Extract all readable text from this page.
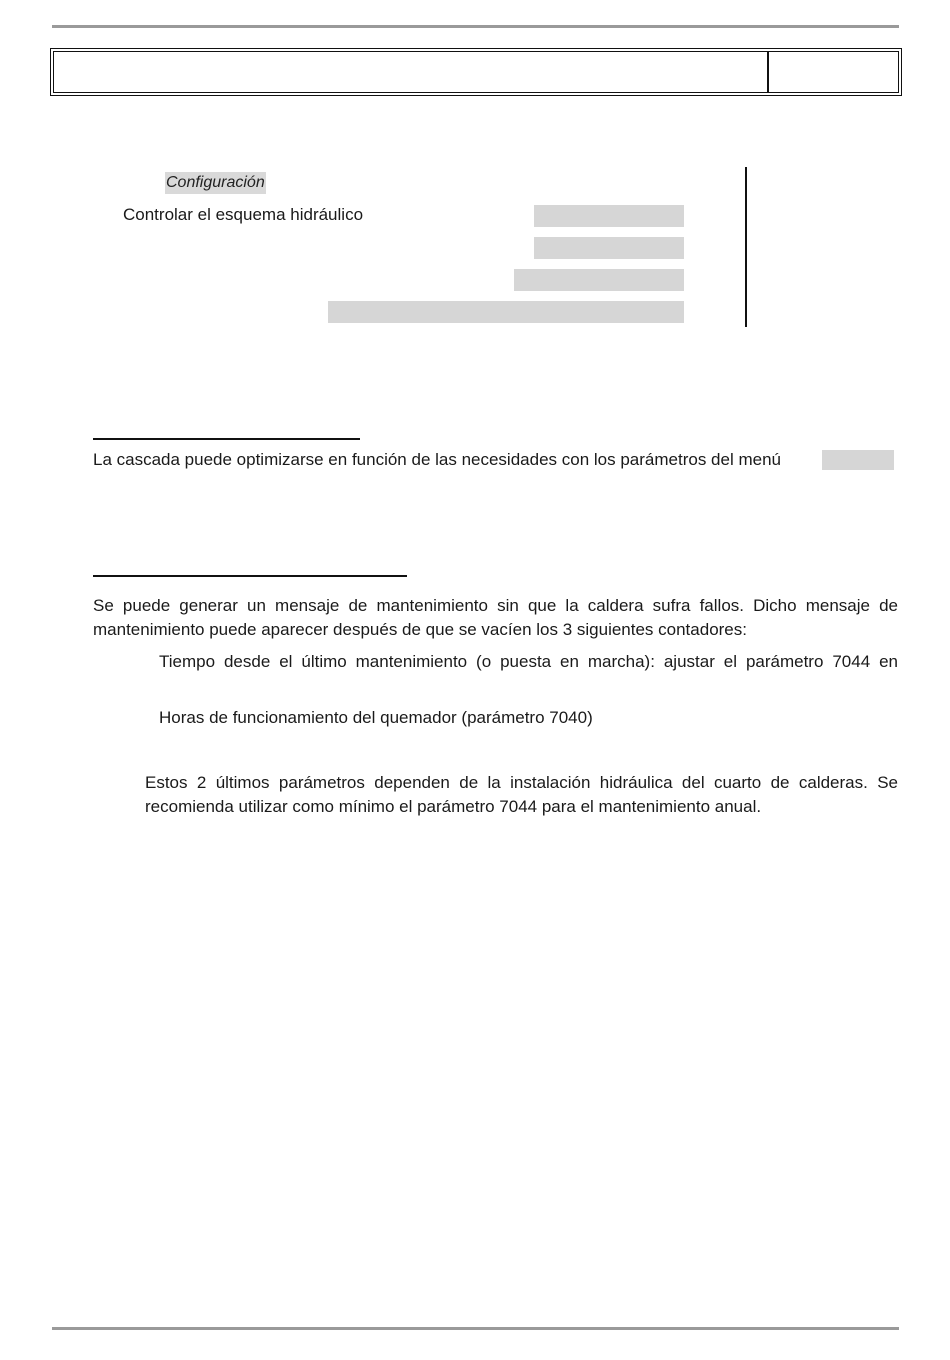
Configuración
Controlar el esquema hidráulico
La cascada puede optimizarse en función de las necesidades con los parámetros del menú
Se puede generar un mensaje de mantenimiento sin que la caldera sufra fallos. Dicho mensaje de
mantenimiento puede aparecer después de que se vacíen los 3 siguientes contadores:
Tiempo desde el último mantenimiento (o puesta en marcha): ajustar el parámetro 7044 en
Horas de funcionamiento del quemador (parámetro 7040)
Estos 2 últimos parámetros dependen de la instalación hidráulica del cuarto de calderas. Se
recomienda utilizar como mínimo el parámetro 7044 para el mantenimiento anual.
